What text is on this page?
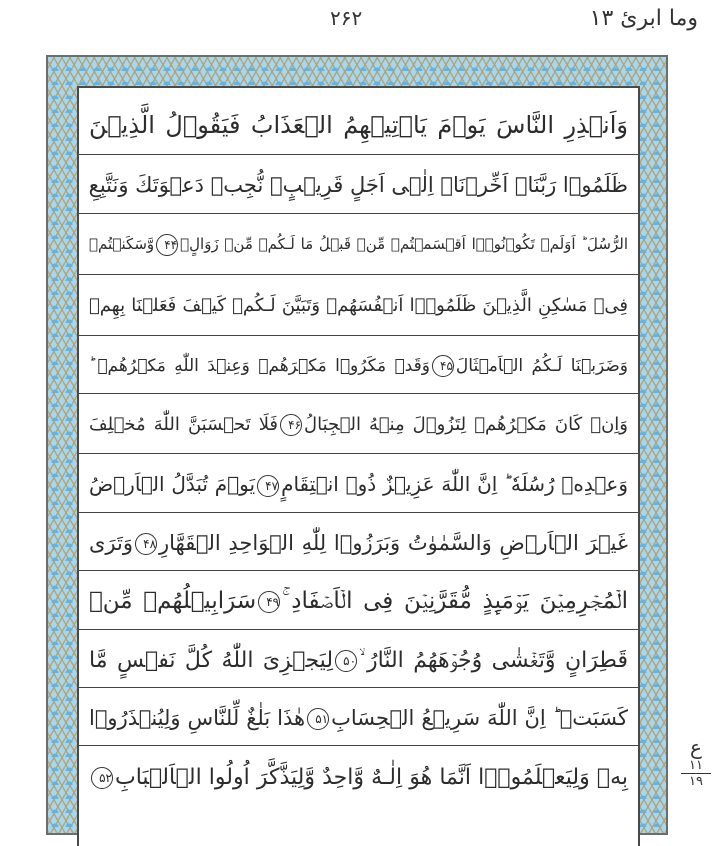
وما ابرئ ۱۳
۲۶۲
وَاَنۡذِرِ النَّاسَ يَوۡمَ يَاۡتِيۡهِمُ الۡعَذَابُ فَيَقُوۡلُ الَّذِيۡنَ
ظَلَمُوۡا رَبَّنَاۤ اَخِّرۡنَاۤ اِلٰۤى اَجَلٍ قَرِيۡبٍۙ نُّجِبۡ دَعۡوَتَكَ وَنَتَّبِعِ
الرُّسُلَ ؕ اَوَلَمۡ تَكُوۡنُوۡۤا اَقۡسَمۡتُمۡ مِّنۡ قَبۡلُ مَا لَـكُمۡ مِّنۡ زَوَالٍۙ۴۴وَّسَكَنۡتُمۡ
فِىۡ مَسٰكِنِ الَّذِيۡنَ ظَلَمُوۡۤا اَنۡفُسَهُمۡ وَتَبَيَّنَ لَـكُمۡ كَيۡفَ فَعَلۡنَا بِهِمۡ
وَضَرَبۡنَا لَـكُمُ الۡاَمۡثَالَ۴۵وَقَدۡ مَكَرُوۡا مَكۡرَهُمۡ وَعِنۡدَ اللّٰهِ مَكۡرُهُمۡ ؕ
وَاِنۡ كَانَ مَكۡرُهُمۡ لِتَزُوۡلَ مِنۡهُ الۡجِبَالُ۴۶فَلَا تَحۡسَبَنَّ اللّٰهَ مُخۡلِفَ
وَعۡدِهٖ رُسُلَهٗ ؕ اِنَّ اللّٰهَ عَزِيۡزٌ ذُوۡ انۡتِقَامٍ۴۷يَوۡمَ تُبَدَّلُ الۡاَرۡضُ
غَيۡرَ الۡاَرۡضِ وَالسَّمٰوٰتُ وَبَرَزُوۡا لِلّٰهِ الۡوَاحِدِ الۡقَهَّارِ۴۸وَتَرَى
الۡمُجۡرِمِيۡنَ يَوۡمَٮِٕذٍ مُّقَرَّنِيۡنَ فِى الۡاَصۡفَادِ ۚ۴۹سَرَابِيۡلُهُمۡ مِّنۡ
قَطِرَانٍ وَّتَغۡشٰى وُجُوۡهَهُمُ النَّارُ ۙ۵۰لِيَجۡزِىَ اللّٰهُ كُلَّ نَفۡسٍ مَّا
كَسَبَتۡ ؕ اِنَّ اللّٰهَ سَرِيۡعُ الۡحِسَابِ۵۱هٰذَا بَلٰغٌ لِّلنَّاسِ وَلِيُنۡذَرُوۡا
بِهٖ وَلِيَعۡلَمُوۡۤا اَنَّمَا هُوَ اِلٰـهٌ وَّاحِدٌ وَّلِيَذَّكَّرَ اُولُوا الۡاَلۡبَابِ۵۲
ع
۱۱
۱۹
